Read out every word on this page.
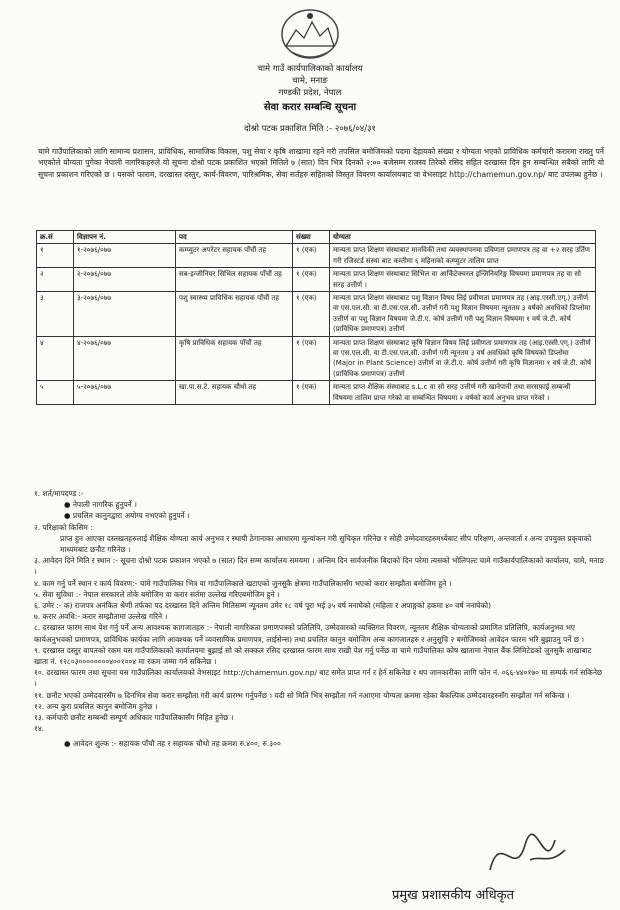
चामे गाउँ कार्यपालिकाको कार्यालय
चामे, मनाङ
गण्डकी प्रदेश, नेपाल
सेवा करार सम्बन्धि सूचना
दोश्रो पटक प्रकाशित मिति :- २०७६/०४/३१
चामे गाउँपालिकाको लागि सामान्य प्रशासन, प्राविधिक, सामाजिक विकास, पशु सेवा र कृषि शाखामा रहने गरी तपसिल बमोजिमको पदमा देहायको संख्या र योग्यता भएको प्राविधिक कर्मचारी करारमा राख्नु पर्ने भएकोले योग्यता पुगेका नेपाली नागरिकहरुले यो सूचना दोश्रो पटक प्रकाशित भएको मितिले ७ (सात) दिन भित्र दिनको २:०० बजेसम्म राजस्व तिरेको रसिद सहित दरखास्त दिन हुन सम्बन्धित सबैको लागि यो सूचना प्रकाशन गरिएको छ । यसको फाराम, दरखास्त दस्तुर, कार्य-विवरण, पारिश्रमिक, सेवा सर्तहरु सहितको विस्तृत विवरण कार्यालयबाट वा वेभसाइट http://chamemun.gov.np/ बाट उपलब्ध हुनेछ ।
क्र.सं	विज्ञापन नं.	पद	संख्या	योग्यता
१	१-२०७६/०७७	कम्प्युटर अपरेटर सहायक पाँचौं तह	१ (एक)	मान्यता प्राप्त शिक्षण संस्थाबाट मानविकी तथा व्यवस्थापनमा प्रविणता प्रमाणपत्र तह वा +२ सरह उर्तिण गरी रजिस्टर्ड संस्था बाट कम्तीमा ६ महिनाको कम्प्युटर तालिम प्राप्त
२	२-२०७६/०७७	सब-इन्जीनियर सिभिल सहायक पाँचौं तह	१ (एक)	मान्यता प्राप्त शिक्षण संस्थाबाट सिभिल वा आर्किटेक्चरल इन्जिनियरिङ्ग विषयमा प्रमाणपत्र तह वा सो सरह उत्तीर्ण ।
३	३-२०७६/०७७	पशु स्वास्थ्य प्राविधिक सहायक पाँचौं तह	१ (एक)	मान्यता प्राप्त शिक्षण संस्थाबाट पशु विज्ञान विषय लिई प्रवीणता प्रमाणपत्र तह (आइ.एस्सी.एग्.) उत्तीर्ण वा एस.एल.सी. वा टी.एस.एल.सी. उत्तीर्ण गरी पशु विज्ञान विषयमा न्यूनतम ३ वर्षको अवधिको डिप्लोमा उत्तीर्ण वा पशु विज्ञान विषयमा जे.टी.ए. कोर्ष उत्तीर्ण गरी पशु विज्ञान विषयमा १ वर्ष जे.टी. कोर्ष (प्राविधिक प्रमाणपत्र) उत्तीर्ण
४	४-२०७६/०७७	कृषि प्राविधिक सहायक पाँचौं तह	१ (एक)	मान्यता प्राप्त शिक्षण संस्थाबाट कृषि विज्ञान विषय लिई प्रवीणता प्रमाणपत्र तह (आइ.एस्सी.एग्.) उत्तीर्ण वा एस.एल.सी. वा टी.एस.एल.सी. उत्तीर्ण गरी न्यूनतम ३ वर्ष अवधिको कृषि विषयको डिप्लोमा (Major in Plant Science) उत्तीर्ण वा जे.टी.ए. कोर्ष उत्तीर्ण गरी कृषि विज्ञानमा १ वर्ष जे.टी. कोर्ष (प्राविधिक प्रमाणपत्र) उत्तीर्ण
५	५-२०७६/०७७	खा.पा.स.टे. सहायक चौथो तह	१ (एक)	मान्यता प्राप्त शैक्षिक संस्थाबाट s.L.c वा सो सरह उत्तीर्ण गरी खानेपानी तथा सरसफाई सम्बन्धी विषयमा तालिम प्राप्त गरेको वा सम्बन्धित विषयमा २ वर्षको कार्य अनुभव प्राप्त गरेको ।
१. शर्त/मापदण्ड :-
● नेपाली नागरिक हुनुपर्ने ।
● प्रचलित कानुनद्वारा अयोग्य नभएको हुनुपर्ने ।
२. परिक्षाको किसिम :
प्राप्त हुन आएका दस्तखतहरुलाई शैक्षिक योग्यता कार्य अनुभव र स्थायी ठेगानाका आधारमा मूल्यांकन गरी सुचिकृत गरिनेछ र सोही उम्मेदवारहरुमध्येबाट सीप परिक्षण, अन्तवार्ता र अन्य उपयुक्त प्रकृयाको माध्यमबाट छनौट गरिनेछ ।
३. आवेदन दिने मिति र स्थान :- सूचना दोश्रो पटक प्रकाशन भएको ७ (सात) दिन सम्म कार्यालय समयमा । अन्तिम दिन सार्वजनीक बिदाको दिन परेमा त्यसको भोलिपल्ट चामे गाउँकार्यपालिकाको कार्यालय, चामे, मनाङ ।
४. काम गर्नु पर्ने स्थान र कार्य विवरण:- चामे गाउँपालिका भित्र वा गाउँपालिकाले खटाएको जुनसुकै क्षेत्रमा गाउँपालिकासँग भएको करार सम्झौता बमोजिम हुने ।
५. सेवा सुविधा :- नेपाल सरकारले तोके बमोजिम वा करार सर्तमा उल्लेख गरिएबमोजिम हुने ।
६. उमेर :- क) राजपत्र अनंकित श्रेणी तर्फका पद दरखास्त दिने अन्तिम मितिसम्म न्यूनतम उमेर १८ वर्ष पूरा भई ३५ वर्ष ननाघेको (महिला र अपाङ्गको हकमा ४० वर्ष ननाघेको)
७. करार अवधि:- करार सम्झौतामा उल्लेख गरिने ।
८. दरखास्त फारम साथ पेश गर्नु पर्ने अन्य आवश्यक कागजातहरु :- नेपाली नागरिकता प्रमाणपत्रको प्रतिलिपि, उम्मेदवारको व्यक्तिगत विवरण, न्यूनतम शैक्षिक योग्यताको प्रमाणित प्रतिलिपि, कार्यअनुभव भए कार्यअनुभवको प्रमाणपत्र, प्राविधिक कार्यका लागि आवश्यक पर्ने व्यवसायिक प्रमाणपत्र, लाईसेन्स) तथा प्रचलित कानुन बमोजिम अन्य कागजातहरु र अनुसूचि २ बमोजिमको आवेदन फारम भरि बुझाउनु पर्ने छ ।
९. दरखास्त दस्तुर बापतको रकम यस गाउँपालिकाको कार्यालयमा बुझाई सो को सक्कल रसिद दरखास्त फारम साथ राखी पेश गर्नु पर्नेछ वा चामे गाउँपालिका कोष खातामा नेपाल बैंक लिमिटेडको जुनसुकै शाखाबाट खाता नं. १२८०३००००००००४००१००४ मा रकम जम्मा गर्न सकिनेछ ।
१०. दरखास्त फारम तथा सूचना यस गाउँपालिका कार्यालयको वेभसाइट http://chamemun.gov.np/ बाट समेत प्राप्त गर्न र हेर्न सकिनेछ र थप जानकारीका लागि फोन नं. ०६६-४४०१७० मा सम्पर्क गर्न सकिनेछ ।
११. छनौट भएको उम्मेदवारसँग ७ दिनभित्र सेवा करार सम्झौता गरी कार्य प्रारम्भ गर्नुपर्नेछ । यदी सो मिति भित्र सम्झौता गर्न नआएमा योग्यता क्रममा रहेका बैकल्पिक उम्मेदवारहरुसँग सम्झौता गर्न सकिन्छ ।
१२. अन्य कुरा प्रचलित कानुन बमोजिम हुनेछ ।
१३. कर्मचारी छनौट सम्बन्धी सम्पूर्ण अधिकार गाउँपालिकासँग निहित हुनेछ ।
१४.
● आवेदन शुल्क :- सहायक पाँचौ तह र सहायक चौथो तह क्रमश रु.४००, रु.३००
प्रमुख प्रशासकीय अधिकृत
